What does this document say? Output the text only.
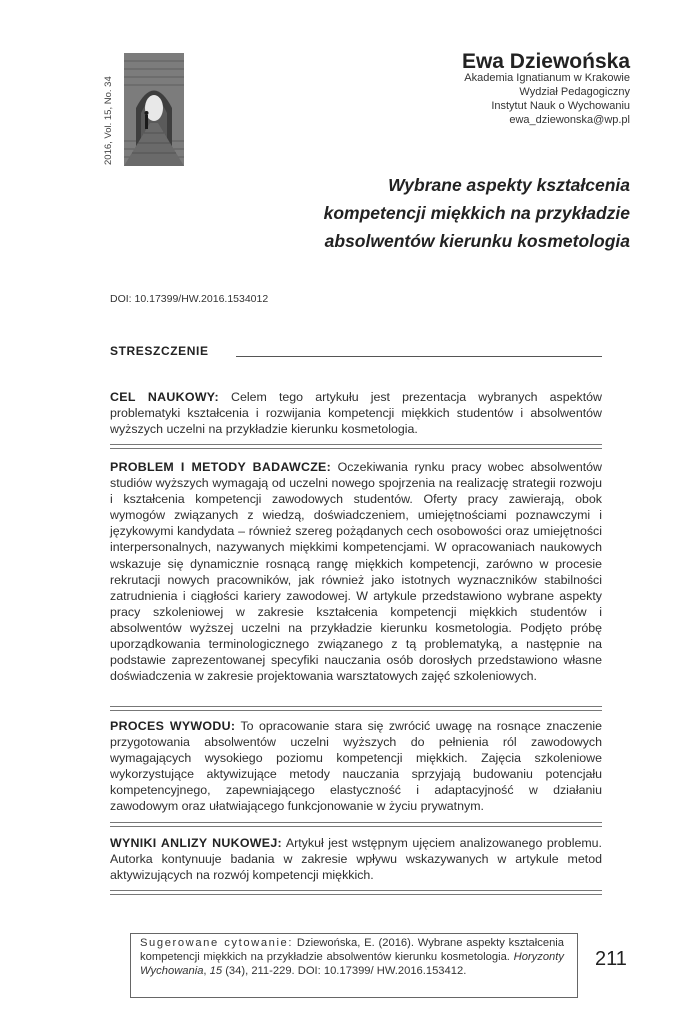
2016, Vol. 15, No. 34
Ewa Dziewońska
Akademia Ignatianum w Krakowie
Wydział Pedagogiczny
Instytut Nauk o Wychowaniu
ewa_dziewonska@wp.pl
Wybrane aspekty kształcenia
kompetencji miękkich na przykładzie
absolwentów kierunku kosmetologia
DOI: 10.17399/HW.2016.1534012
STRESZCZENIE
CEL NAUKOWY: Celem tego artykułu jest prezentacja wybranych aspektów problematyki kształcenia i rozwijania kompetencji miękkich studentów i absolwentów wyższych uczelni na przykładzie kierunku kosmetologia.
PROBLEM I METODY BADAWCZE: Oczekiwania rynku pracy wobec absolwentów studiów wyższych wymagają od uczelni nowego spojrzenia na realizację strategii rozwoju i kształcenia kompetencji zawodowych studentów. Oferty pracy zawierają, obok wymogów związanych z wiedzą, doświadczeniem, umiejętnościami poznawczymi i językowymi kandydata – również szereg pożądanych cech osobowości oraz umiejętności interpersonalnych, nazywanych miękkimi kompetencjami. W opracowaniach naukowych wskazuje się dynamicznie rosnącą rangę miękkich kompetencji, zarówno w procesie rekrutacji nowych pracowników, jak również jako istotnych wyznaczników stabilności zatrudnienia i ciągłości kariery zawodowej. W artykule przedstawiono wybrane aspekty pracy szkoleniowej w zakresie kształcenia kompetencji miękkich studentów i absolwentów wyższej uczelni na przykładzie kierunku kosmetologia. Podjęto próbę uporządkowania terminologicznego związanego z tą problematyką, a następnie na podstawie zaprezentowanej specyfiki nauczania osób dorosłych przedstawiono własne doświadczenia w zakresie projektowania warsztatowych zajęć szkoleniowych.
PROCES WYWODU: To opracowanie stara się zwrócić uwagę na rosnące znaczenie przygotowania absolwentów uczelni wyższych do pełnienia ról zawodowych wymagających wysokiego poziomu kompetencji miękkich. Zajęcia szkoleniowe wykorzystujące aktywizujące metody nauczania sprzyjają budowaniu potencjału kompetencyjnego, zapewniającego elastyczność i adaptacyjność w działaniu zawodowym oraz ułatwiającego funkcjonowanie w życiu prywatnym.
WYNIKI ANLIZY NUKOWEJ: Artykuł jest wstępnym ujęciem analizowanego problemu. Autorka kontynuuje badania w zakresie wpływu wskazywanych w artykule metod aktywizujących na rozwój kompetencji miękkich.
Sugerowane cytowanie: Dziewońska, E. (2016). Wybrane aspekty kształcenia kompetencji miękkich na przykładzie absolwentów kierunku kosmetologia. Horyzonty Wychowania, 15 (34), 211-229. DOI: 10.17399/ HW.2016.153412.
211
